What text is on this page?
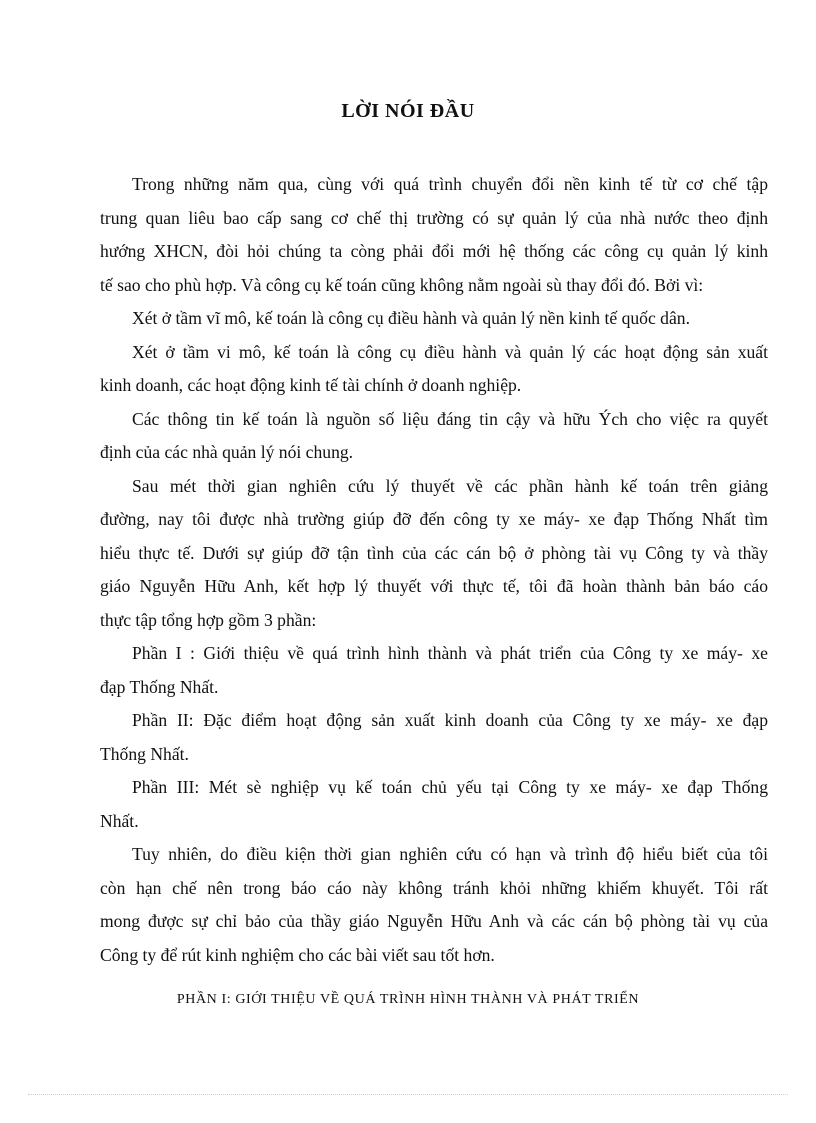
LỜI NÓI ĐẦU
Trong những năm qua, cùng với quá trình chuyển đổi nền kinh tế từ cơ chế tập
trung quan liêu bao cấp sang cơ chế thị trường có sự quản lý của nhà nước theo định
hướng XHCN, đòi hỏi chúng ta còng phải đổi mới hệ thống các công cụ quản lý kinh
tế sao cho phù hợp. Và công cụ kế toán cũng không nằm ngoài sù thay đổi đó. Bởi vì:
Xét ở tầm vĩ mô, kế toán là công cụ điều hành và quản lý nền kinh tế quốc dân.
Xét ở tầm vi mô, kế toán là công cụ điều hành và quản lý các hoạt động sản xuất
kinh doanh, các hoạt động kinh tế tài chính ở doanh nghiệp.
Các thông tin kế toán là nguồn số liệu đáng tin cậy và hữu Ých cho việc ra quyết
định của các nhà quản lý nói chung.
Sau mét thời gian nghiên cứu lý thuyết về các phần hành kế toán trên giảng
đường, nay tôi được nhà trường giúp đỡ đến công ty xe máy- xe đạp Thống Nhất tìm
hiểu thực tế. Dưới sự giúp đỡ tận tình của các cán bộ ở phòng tài vụ Công ty và thầy
giáo Nguyễn Hữu Anh, kết hợp lý thuyết với thực tế, tôi đã hoàn thành bản báo cáo
thực tập tổng hợp gồm 3 phần:
Phần I : Giới thiệu về quá trình hình thành và phát triển của Công ty xe máy- xe
đạp Thống Nhất.
Phần II: Đặc điểm hoạt động sản xuất kinh doanh của Công ty xe máy- xe đạp
Thống Nhất.
Phần III: Mét sè nghiệp vụ kế toán chủ yếu tại Công ty xe máy- xe đạp Thống
Nhất.
Tuy nhiên, do điều kiện thời gian nghiên cứu có hạn và trình độ hiểu biết của tôi
còn hạn chế nên trong báo cáo này không tránh khỏi những khiếm khuyết. Tôi rất
mong được sự chỉ bảo của thầy giáo Nguyễn Hữu Anh và các cán bộ phòng tài vụ của
Công ty để rút kinh nghiệm cho các bài viết sau tốt hơn.
PHẦN I: GIỚI THIỆU VỀ QUÁ TRÌNH HÌNH THÀNH VÀ PHÁT TRIỂN
